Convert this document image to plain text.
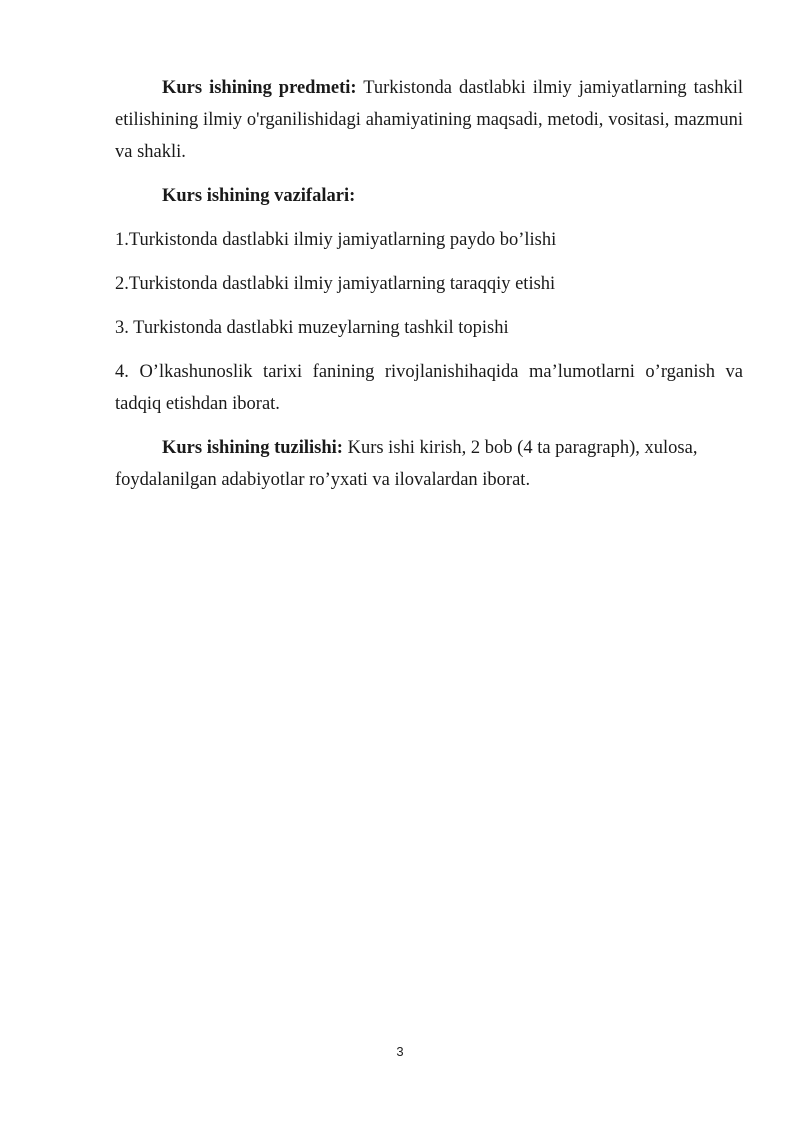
Kurs ishining predmeti: Turkistonda dastlabki ilmiy jamiyatlarning tashkil etilishining ilmiy o'rganilishidagi ahamiyatining maqsadi, metodi, vositasi, mazmuni va shakli.

Kurs ishining vazifalari:

1.Turkistonda dastlabki ilmiy jamiyatlarning paydo bo’lishi

2.Turkistonda dastlabki ilmiy jamiyatlarning taraqqiy etishi

3. Turkistonda dastlabki muzeylarning tashkil topishi

4. O’lkashunoslik tarixi fanining rivojlanishihaqida ma’lumotlarni o’rganish va tadqiq etishdan iborat.

Kurs ishining tuzilishi: Kurs ishi kirish, 2 bob (4 ta paragraph), xulosa, foydalanilgan adabiyotlar ro’yxati va ilovalardan iborat.

3
